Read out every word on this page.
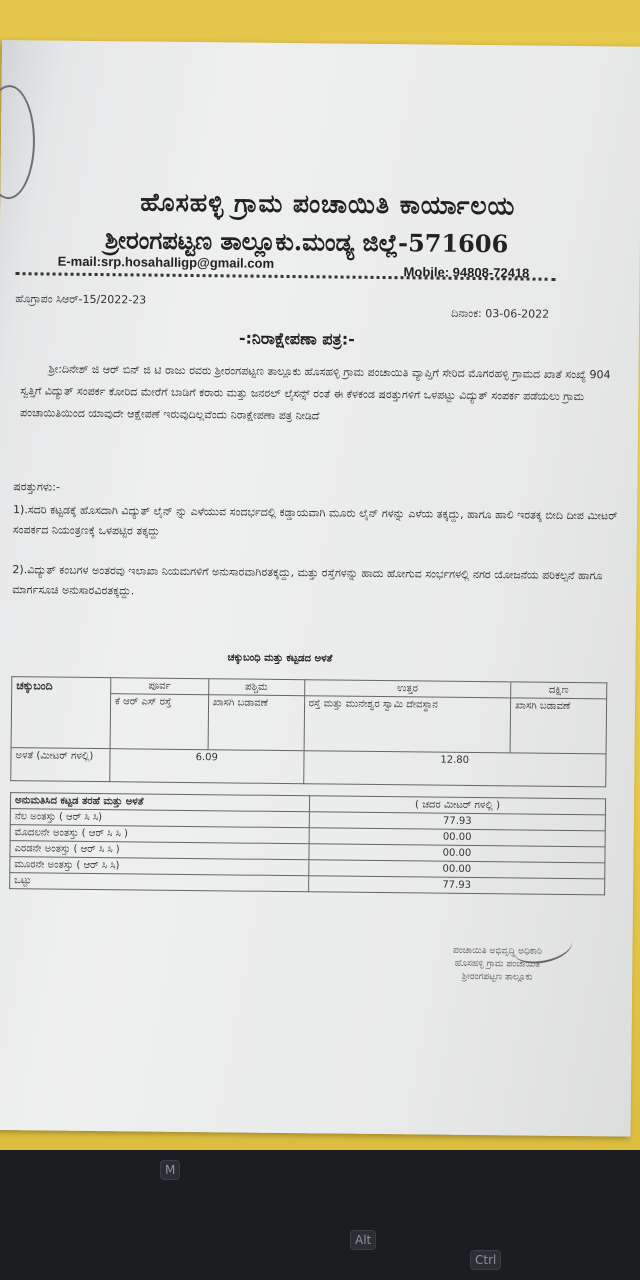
ಹೊಸಹಳ್ಳಿ ಗ್ರಾಮ ಪಂಚಾಯಿತಿ ಕಾರ್ಯಾಲಯ
ಶ್ರೀರಂಗಪಟ್ಟಣ ತಾಲ್ಲೂಕು.ಮಂಡ್ಯ ಜಿಲ್ಲೆ-571606
E-mail:srp.hosahalligp@gmail.com
Mobile: 94808-72418
ಹೊಗ್ರಾಪಂ ಸಿಆರ್-15/2022-23
ದಿನಾಂಕ: 03-06-2022
-:ನಿರಾಕ್ಷೇಪಣಾ ಪತ್ರ:-
ಶ್ರೀ:ದಿನೇಶ್ ಜಿ ಆರ್ ಬಿನ್ ಜಿ ಟಿ ರಾಜು ರವರು ಶ್ರೀರಂಗಪಟ್ಟಣ ತಾಲ್ಲೂಕು ಹೊಸಹಳ್ಳಿ ಗ್ರಾಮ ಪಂಚಾಯಿತಿ ವ್ಯಾಪ್ತಿಗೆ ಸೇರಿದ ಮೊಗರಹಳ್ಳಿ ಗ್ರಾಮದ ಖಾತೆ ಸಂಖ್ಯೆ 904 ಸ್ವತ್ತಿಗೆ ವಿದ್ಯುತ್ ಸಂಪರ್ಕ ಕೋರಿದ ಮೇರೆಗೆ ಬಾಡಿಗೆ ಕರಾರು ಮತ್ತು ಜನರಲ್ ಲೈಸನ್ಸ್ ರಂತೆ ಈ ಕೆಳಕಂಡ ಷರತ್ತುಗಳಿಗೆ ಒಳಪಟ್ಟು ವಿದ್ಯುತ್ ಸಂಪರ್ಕ ಪಡೆಯಲು ಗ್ರಾಮ ಪಂಚಾಯಿತಿಯಿಂದ ಯಾವುದೇ ಆಕ್ಷೇಪಣೆ ಇರುವುದಿಲ್ಲವೆಂದು ನಿರಾಕ್ಷೇಪಣಾ ಪತ್ರ ನೀಡಿದೆ
ಷರತ್ತುಗಳು:-
1).ಸದರಿ ಕಟ್ಟಡಕ್ಕೆ ಹೊಸದಾಗಿ ವಿದ್ಯುತ್ ಲೈನ್ ನ್ನು ಎಳೆಯುವ ಸಂದರ್ಭದಲ್ಲಿ ಕಡ್ಡಾಯವಾಗಿ ಮೂರು ಲೈನ್ ಗಳನ್ನು ಎಳೆಯ ತಕ್ಕದ್ದು, ಹಾಗೂ ಹಾಲಿ ಇರತಕ್ಕ ಬೀದಿ ದೀಪ ಮೀಟರ್ ಸಂಪರ್ಕದ ನಿಯಂತ್ರಣಕ್ಕೆ ಒಳಪಟ್ಟಿರ ತಕ್ಕದ್ದು
2).ವಿದ್ಯುತ್ ಕಂಬಗಳ ಅಂತರವು ಇಲಾಖಾ ನಿಯಮಗಳಿಗೆ ಅನುಸಾರವಾಗಿರತಕ್ಕದ್ದು, ಮತ್ತು ರಸ್ತೆಗಳನ್ನು ಹಾದು ಹೋಗುವ ಸಂರ್ಭಗಳಲ್ಲಿ ನಗರ ಯೋಜನೆಯ ಪರಿಕಲ್ಪನೆ ಹಾಗೂ ಮಾರ್ಗಸೂಚಿ ಅನುಸಾರವಿರತಕ್ಕದ್ದು.
ಚಕ್ಕುಬಂಧಿ ಮತ್ತು ಕಟ್ಟಡದ ಅಳತೆ
ಚಕ್ಕುಬಂದಿ	ಪೂರ್ವ	ಪಶ್ಚಿಮ	ಉತ್ತರ	ದಕ್ಷಿಣ
	ಕೆ ಆರ್ ಎಸ್ ರಸ್ತೆ	ಖಾಸಗಿ ಬಡಾವಣೆ	ರಸ್ತೆ ಮತ್ತು ಮುನೇಶ್ವರ ಸ್ವಾಮಿ ದೇವಸ್ಥಾನ	ಖಾಸಗಿ ಬಡಾವಣೆ
ಅಳತೆ (ಮೀಟರ್ ಗಳಲ್ಲಿ)	6.09		12.80	
ಅನುಮತಿಸಿದ ಕಟ್ಟಡ ತರಹೆ ಮತ್ತು ಅಳತೆ	( ಚದರ ಮೀಟರ್ ಗಳಲ್ಲಿ )
ನೆಲ ಅಂತಸ್ತು ( ಆರ್ ಸಿ ಸಿ)	77.93
ಮೊದಲನೇ ಅಂತಸ್ತು ( ಆರ್ ಸಿ ಸಿ )	00.00
ಎರಡನೇ ಅಂತಸ್ತು ( ಆರ್ ಸಿ ಸಿ )	00.00
ಮೂರನೇ ಅಂತಸ್ತು ( ಆರ್ ಸಿ ಸಿ)	00.00
ಒಟ್ಟು	77.93
ಪಂಚಾಯಿತಿ ಅಭಿವೃದ್ಧಿ ಅಧಿಕಾರಿ
ಹೊಸಹಳ್ಳಿ ಗ್ರಾಮ ಪಂಚಾಯಿತಿ
ಶ್ರೀರಂಗಪಟ್ಟಣ ತಾಲ್ಲೂಕು
M
Alt
Ctrl
